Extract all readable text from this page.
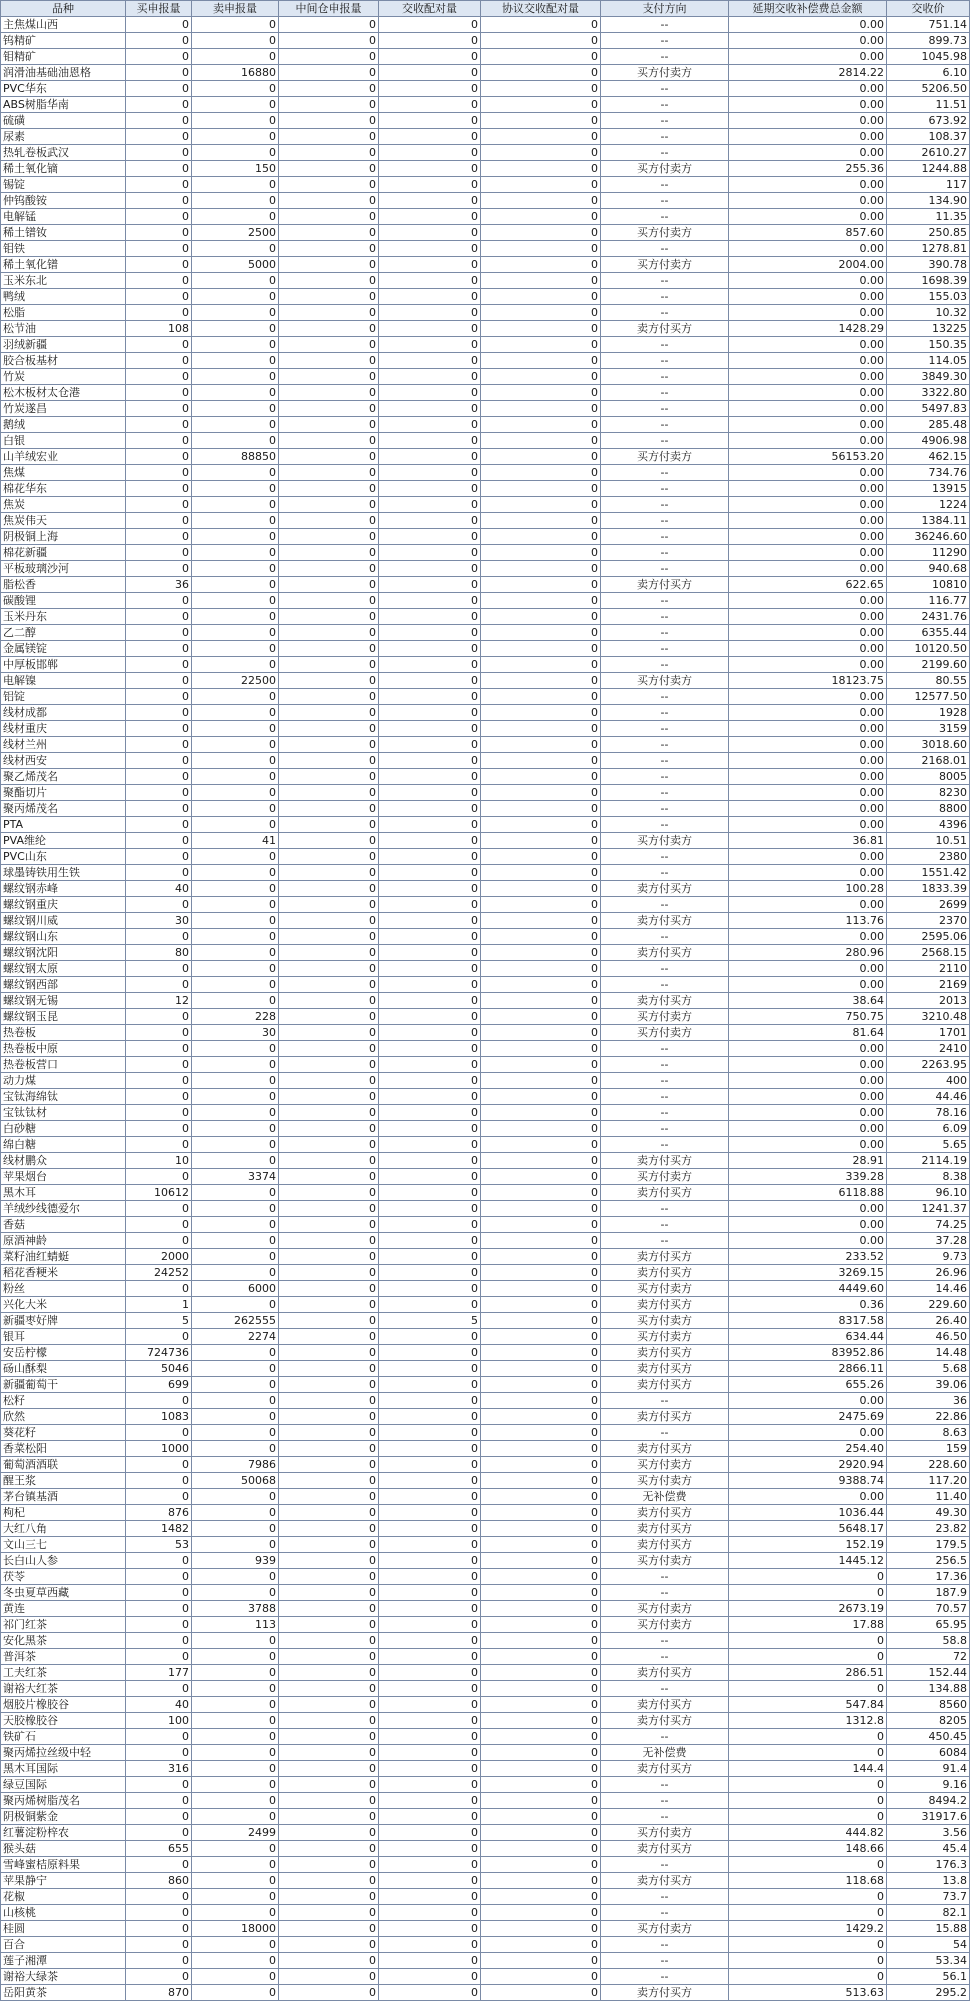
品种	买申报量	卖申报量	中间仓申报量	交收配对量	协议交收配对量	支付方向	延期交收补偿费总金额	交收价
主焦煤山西	0	0	0	0	0	--	0.00	751.14
钨精矿	0	0	0	0	0	--	0.00	899.73
钼精矿	0	0	0	0	0	--	0.00	1045.98
润滑油基础油恩格	0	16880	0	0	0	买方付卖方	2814.22	6.10
PVC华东	0	0	0	0	0	--	0.00	5206.50
ABS树脂华南	0	0	0	0	0	--	0.00	11.51
硫磺	0	0	0	0	0	--	0.00	673.92
尿素	0	0	0	0	0	--	0.00	108.37
热轧卷板武汉	0	0	0	0	0	--	0.00	2610.27
稀土氧化镝	0	150	0	0	0	买方付卖方	255.36	1244.88
锡锭	0	0	0	0	0	--	0.00	117
仲钨酸铵	0	0	0	0	0	--	0.00	134.90
电解锰	0	0	0	0	0	--	0.00	11.35
稀土镨钕	0	2500	0	0	0	买方付卖方	857.60	250.85
钼铁	0	0	0	0	0	--	0.00	1278.81
稀土氧化镨	0	5000	0	0	0	买方付卖方	2004.00	390.78
玉米东北	0	0	0	0	0	--	0.00	1698.39
鸭绒	0	0	0	0	0	--	0.00	155.03
松脂	0	0	0	0	0	--	0.00	10.32
松节油	108	0	0	0	0	卖方付买方	1428.29	13225
羽绒新疆	0	0	0	0	0	--	0.00	150.35
胶合板基材	0	0	0	0	0	--	0.00	114.05
竹炭	0	0	0	0	0	--	0.00	3849.30
松木板材太仓港	0	0	0	0	0	--	0.00	3322.80
竹炭遂昌	0	0	0	0	0	--	0.00	5497.83
鹅绒	0	0	0	0	0	--	0.00	285.48
白银	0	0	0	0	0	--	0.00	4906.98
山羊绒宏业	0	88850	0	0	0	买方付卖方	56153.20	462.15
焦煤	0	0	0	0	0	--	0.00	734.76
棉花华东	0	0	0	0	0	--	0.00	13915
焦炭	0	0	0	0	0	--	0.00	1224
焦炭伟天	0	0	0	0	0	--	0.00	1384.11
阴极铜上海	0	0	0	0	0	--	0.00	36246.60
棉花新疆	0	0	0	0	0	--	0.00	11290
平板玻璃沙河	0	0	0	0	0	--	0.00	940.68
脂松香	36	0	0	0	0	卖方付买方	622.65	10810
碳酸锂	0	0	0	0	0	--	0.00	116.77
玉米丹东	0	0	0	0	0	--	0.00	2431.76
乙二醇	0	0	0	0	0	--	0.00	6355.44
金属镁锭	0	0	0	0	0	--	0.00	10120.50
中厚板邯郸	0	0	0	0	0	--	0.00	2199.60
电解镍	0	22500	0	0	0	买方付卖方	18123.75	80.55
铝锭	0	0	0	0	0	--	0.00	12577.50
线材成都	0	0	0	0	0	--	0.00	1928
线材重庆	0	0	0	0	0	--	0.00	3159
线材兰州	0	0	0	0	0	--	0.00	3018.60
线材西安	0	0	0	0	0	--	0.00	2168.01
聚乙烯茂名	0	0	0	0	0	--	0.00	8005
聚酯切片	0	0	0	0	0	--	0.00	8230
聚丙烯茂名	0	0	0	0	0	--	0.00	8800
PTA	0	0	0	0	0	--	0.00	4396
PVA维纶	0	41	0	0	0	买方付卖方	36.81	10.51
PVC山东	0	0	0	0	0	--	0.00	2380
球墨铸铁用生铁	0	0	0	0	0	--	0.00	1551.42
螺纹钢赤峰	40	0	0	0	0	卖方付买方	100.28	1833.39
螺纹钢重庆	0	0	0	0	0	--	0.00	2699
螺纹钢川威	30	0	0	0	0	卖方付买方	113.76	2370
螺纹钢山东	0	0	0	0	0	--	0.00	2595.06
螺纹钢沈阳	80	0	0	0	0	卖方付买方	280.96	2568.15
螺纹钢太原	0	0	0	0	0	--	0.00	2110
螺纹钢西部	0	0	0	0	0	--	0.00	2169
螺纹钢无锡	12	0	0	0	0	卖方付买方	38.64	2013
螺纹钢玉昆	0	228	0	0	0	买方付卖方	750.75	3210.48
热卷板	0	30	0	0	0	买方付卖方	81.64	1701
热卷板中原	0	0	0	0	0	--	0.00	2410
热卷板营口	0	0	0	0	0	--	0.00	2263.95
动力煤	0	0	0	0	0	--	0.00	400
宝钛海绵钛	0	0	0	0	0	--	0.00	44.46
宝钛钛材	0	0	0	0	0	--	0.00	78.16
白砂糖	0	0	0	0	0	--	0.00	6.09
绵白糖	0	0	0	0	0	--	0.00	5.65
线材鹏众	10	0	0	0	0	卖方付买方	28.91	2114.19
苹果烟台	0	3374	0	0	0	买方付卖方	339.28	8.38
黑木耳	10612	0	0	0	0	卖方付买方	6118.88	96.10
羊绒纱线德爱尔	0	0	0	0	0	--	0.00	1241.37
香菇	0	0	0	0	0	--	0.00	74.25
原酒神龄	0	0	0	0	0	--	0.00	37.28
菜籽油红蜻蜓	2000	0	0	0	0	卖方付买方	233.52	9.73
稻花香粳米	24252	0	0	0	0	卖方付买方	3269.15	26.96
粉丝	0	6000	0	0	0	买方付卖方	4449.60	14.46
兴化大米	1	0	0	0	0	卖方付买方	0.36	229.60
新疆枣好牌	5	262555	0	5	0	买方付卖方	8317.58	26.40
银耳	0	2274	0	0	0	买方付卖方	634.44	46.50
安岳柠檬	724736	0	0	0	0	卖方付买方	83952.86	14.48
砀山酥梨	5046	0	0	0	0	卖方付买方	2866.11	5.68
新疆葡萄干	699	0	0	0	0	卖方付买方	655.26	39.06
松籽	0	0	0	0	0	--	0.00	36
欣然	1083	0	0	0	0	卖方付买方	2475.69	22.86
葵花籽	0	0	0	0	0	--	0.00	8.63
香菜松阳	1000	0	0	0	0	卖方付买方	254.40	159
葡萄酒酒联	0	7986	0	0	0	买方付卖方	2920.94	228.60
醒王浆	0	50068	0	0	0	买方付卖方	9388.74	117.20
茅台镇基酒	0	0	0	0	0	无补偿费	0.00	11.40
枸杞	876	0	0	0	0	卖方付买方	1036.44	49.30
大红八角	1482	0	0	0	0	卖方付买方	5648.17	23.82
文山三七	53	0	0	0	0	卖方付买方	152.19	179.5
长白山人参	0	939	0	0	0	买方付卖方	1445.12	256.5
茯苓	0	0	0	0	0	--	0	17.36
冬虫夏草西藏	0	0	0	0	0	--	0	187.9
黄连	0	3788	0	0	0	买方付卖方	2673.19	70.57
祁门红茶	0	113	0	0	0	买方付卖方	17.88	65.95
安化黑茶	0	0	0	0	0	--	0	58.8
普洱茶	0	0	0	0	0	--	0	72
工夫红茶	177	0	0	0	0	卖方付买方	286.51	152.44
谢裕大红茶	0	0	0	0	0	--	0	134.88
烟胶片橡胶谷	40	0	0	0	0	卖方付买方	547.84	8560
天胶橡胶谷	100	0	0	0	0	卖方付买方	1312.8	8205
铁矿石	0	0	0	0	0	--	0	450.45
聚丙烯拉丝级中轻	0	0	0	0	0	无补偿费	0	6084
黑木耳国际	316	0	0	0	0	卖方付买方	144.4	91.4
绿豆国际	0	0	0	0	0	--	0	9.16
聚丙烯树脂茂名	0	0	0	0	0	--	0	8494.2
阴极铜紫金	0	0	0	0	0	--	0	31917.6
红薯淀粉梓农	0	2499	0	0	0	买方付卖方	444.82	3.56
猴头菇	655	0	0	0	0	卖方付买方	148.66	45.4
雪峰蜜桔原料果	0	0	0	0	0	--	0	176.3
苹果静宁	860	0	0	0	0	卖方付买方	118.68	13.8
花椒	0	0	0	0	0	--	0	73.7
山核桃	0	0	0	0	0	--	0	82.1
桂圆	0	18000	0	0	0	买方付卖方	1429.2	15.88
百合	0	0	0	0	0	--	0	54
莲子湘潭	0	0	0	0	0	--	0	53.34
谢裕大绿茶	0	0	0	0	0	--	0	56.1
岳阳黄茶	870	0	0	0	0	卖方付买方	513.63	295.2
